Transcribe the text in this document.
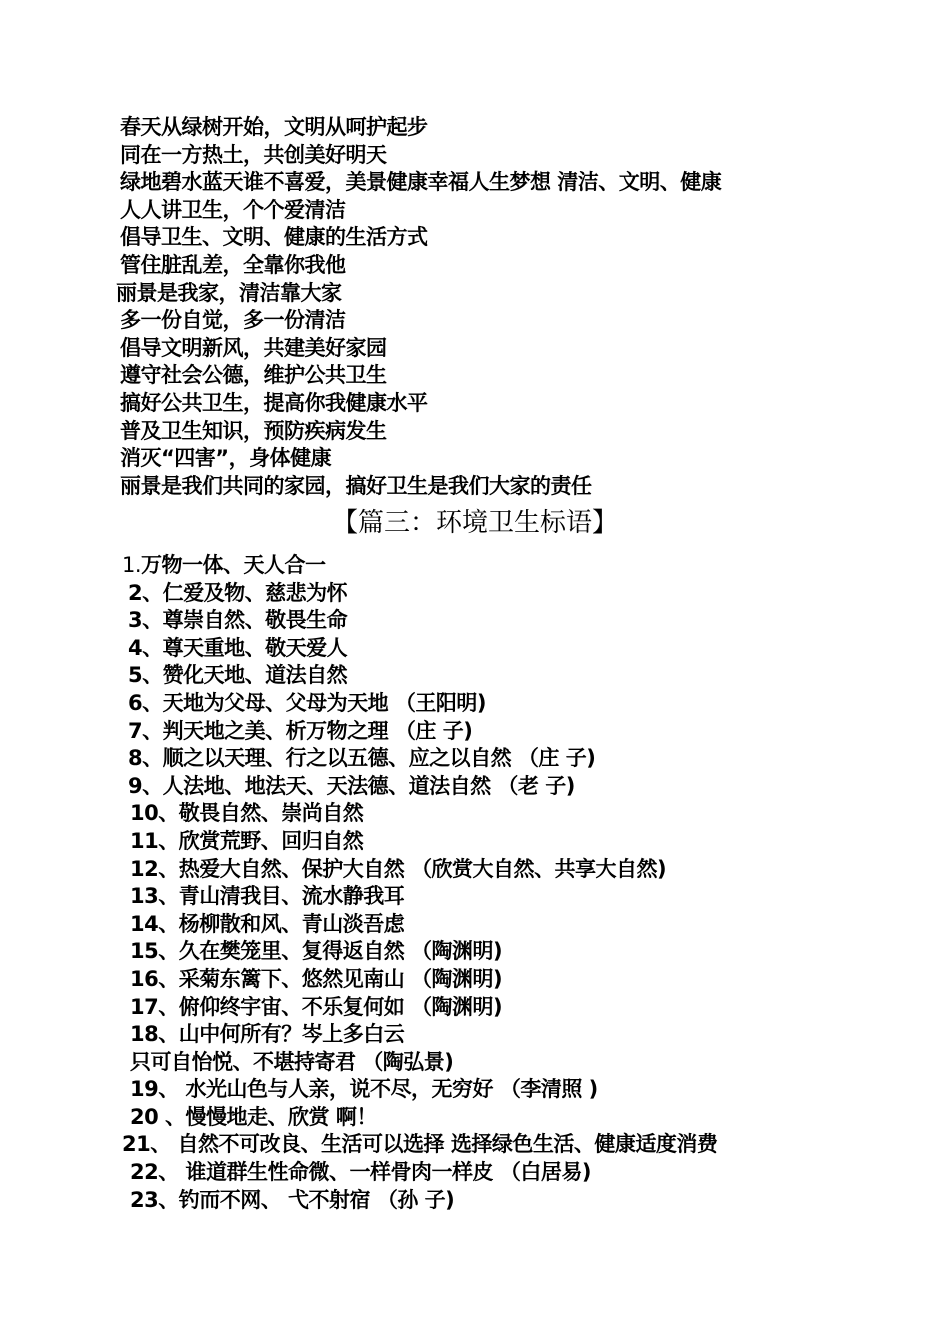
春天从绿树开始，文明从呵护起步
同在一方热土，共创美好明天
绿地碧水蓝天谁不喜爱，美景健康幸福人生梦想 清洁、文明、健康
人人讲卫生，个个爱清洁
倡导卫生、文明、健康的生活方式
管住脏乱差，全靠你我他
丽景是我家，清洁靠大家
多一份自觉，多一份清洁
倡导文明新风，共建美好家园
遵守社会公德，维护公共卫生
搞好公共卫生，提高你我健康水平
普及卫生知识，预防疾病发生
消灭“四害”，身体健康
丽景是我们共同的家园，搞好卫生是我们大家的责任
【篇三：环境卫生标语】
1.万物一体、天人合一
2、仁爱及物、慈悲为怀
3、尊崇自然、敬畏生命
4、尊天重地、敬天爱人
5、赞化天地、道法自然
6、天地为父母、父母为天地 （王阳明)
7、判天地之美、析万物之理 （庄 子)
8、顺之以天理、行之以五德、应之以自然 （庄 子)
9、人法地、地法天、天法德、道法自然 （老 子)
10、敬畏自然、崇尚自然
11、欣赏荒野、回归自然
12、热爱大自然、保护大自然 （欣赏大自然、共享大自然)
13、青山清我目、流水静我耳
14、杨柳散和风、青山淡吾虑
15、久在樊笼里、复得返自然 （陶渊明)
16、采菊东篱下、悠然见南山 （陶渊明)
17、俯仰终宇宙、不乐复何如 （陶渊明)
18、山中何所有？岑上多白云
只可自怡悦、不堪持寄君 （陶弘景)
19、 水光山色与人亲，说不尽，无穷好 （李清照 )
20 、慢慢地走、欣赏 啊！
21、 自然不可改良、生活可以选择 选择绿色生活、健康适度消费
22、 谁道群生性命微、一样骨肉一样皮 （白居易)
23、钓而不网、 弋不射宿 （孙 子)
